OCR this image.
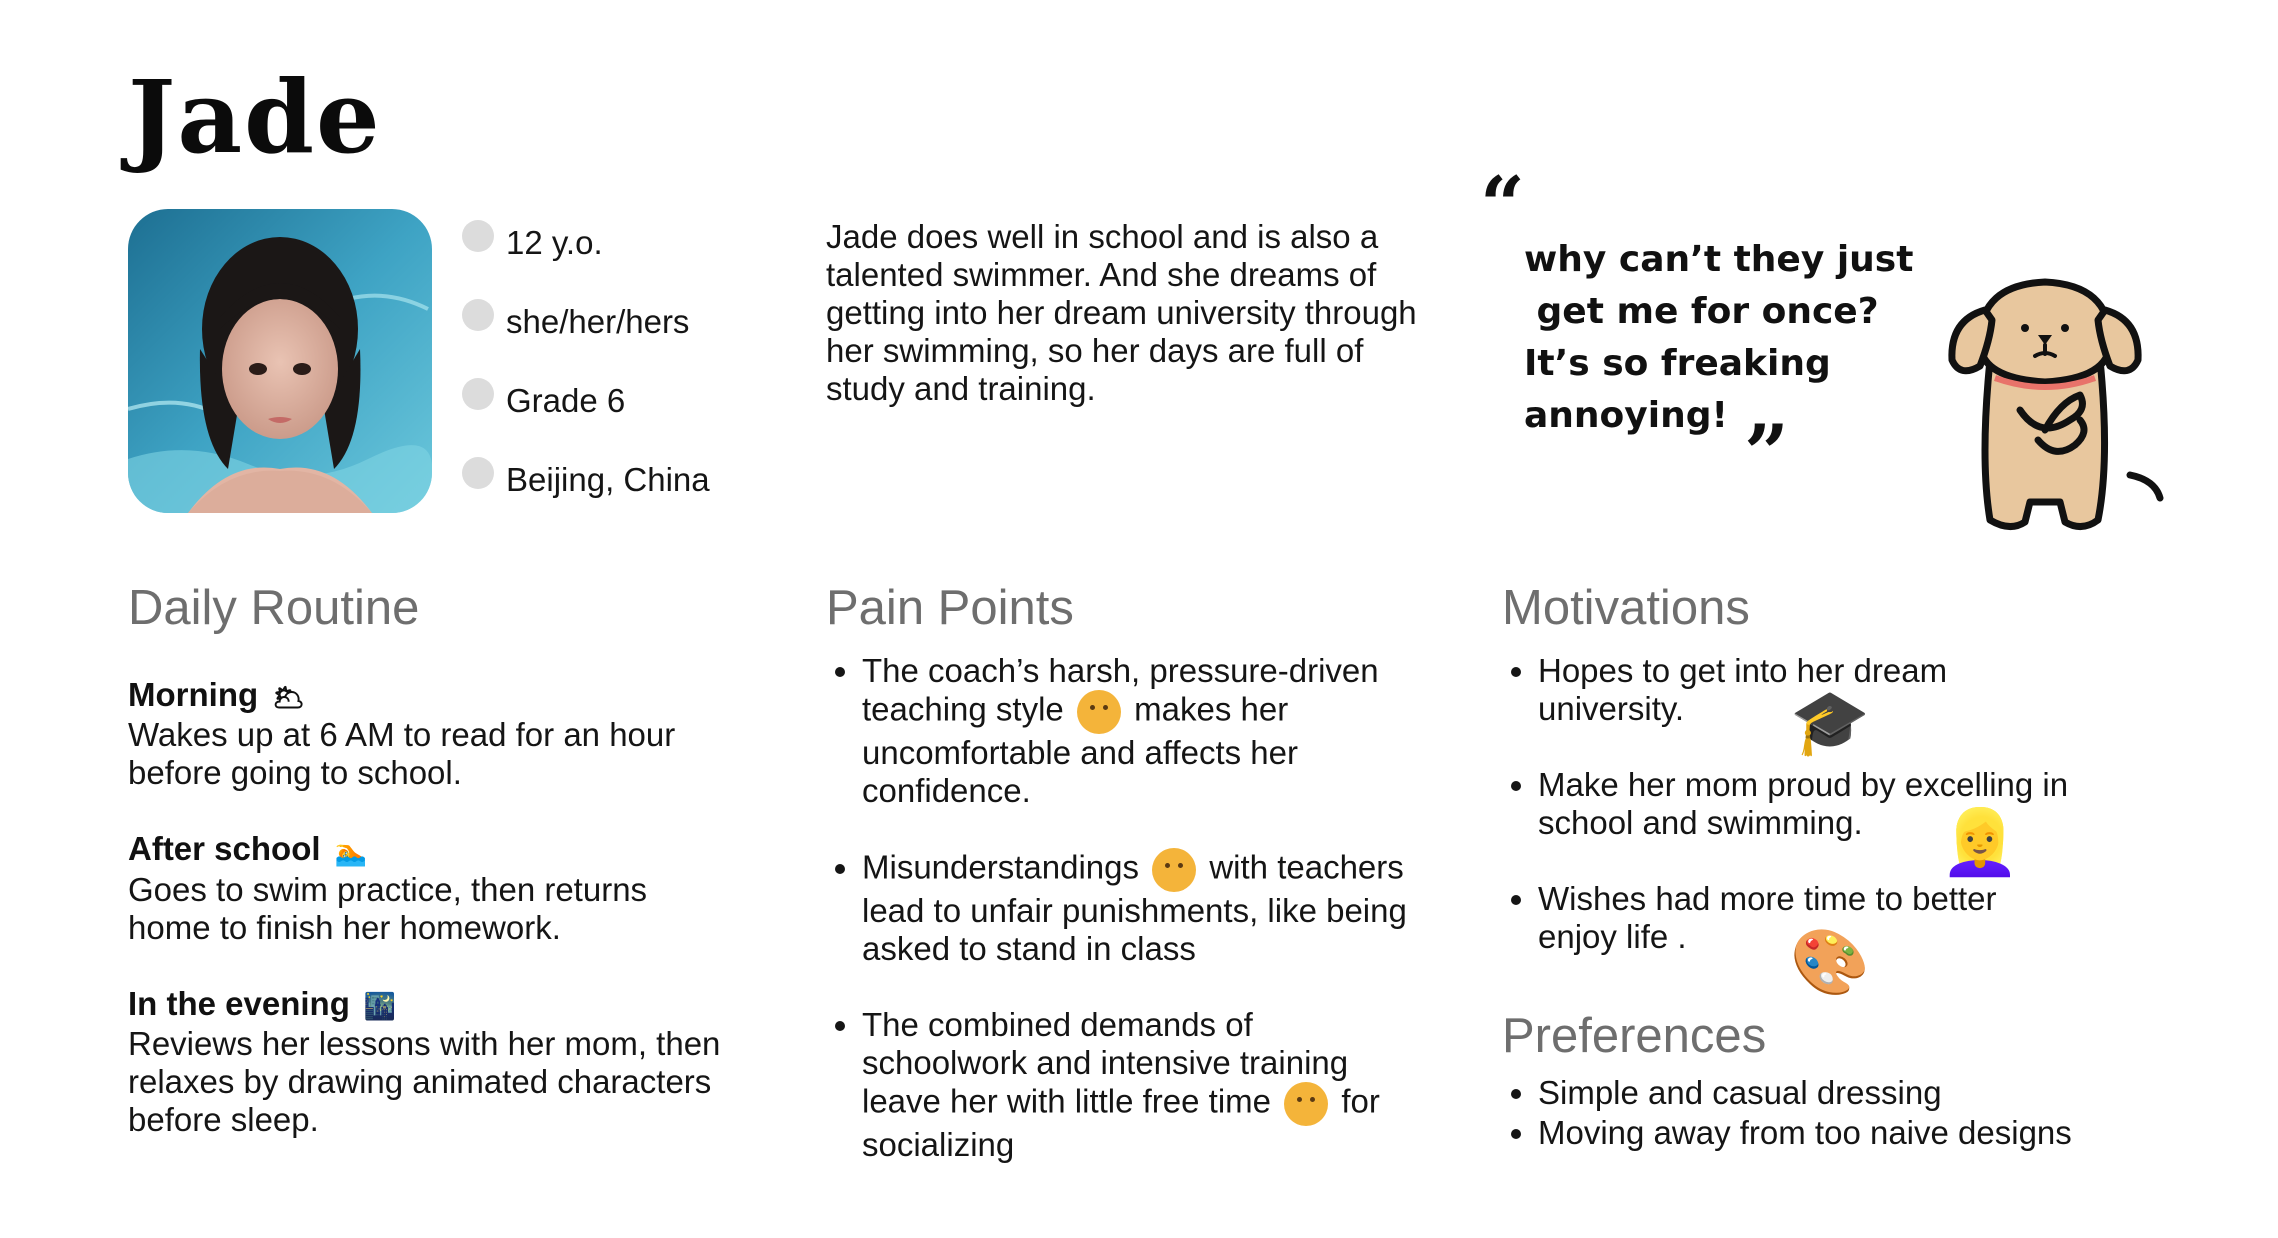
Jade
12 y.o.
she/her/hers
Grade 6
Beijing, China
Jade does well in school and is also a talented swimmer. And she dreams of getting into her dream university through her swimming, so her days are full of study and training.
“
why can’t they just
get me for once?
It’s so freaking
annoying! ”
Daily Routine
Morning 🌥
Wakes up at 6 AM to read for an hour before going to school.
After school 🏊
Goes to swim practice, then returns home to finish her homework.
In the evening 🌃
Reviews her lessons with her mom, then relaxes by drawing animated characters before sleep.
Pain Points
• The coach’s harsh, pressure-driven teaching style makes her uncomfortable and affects her confidence.
• Misunderstandings with teachers lead to unfair punishments, like being asked to stand in class
• The combined demands of schoolwork and intensive training leave her with little free time for socializing
Motivations
• Hopes to get into her dream university.
• Make her mom proud by excelling in school and swimming.
• Wishes had more time to better enjoy life .
🎓
👱‍♀️
🎨
Preferences
• Simple and casual dressing
• Moving away from too naive designs
